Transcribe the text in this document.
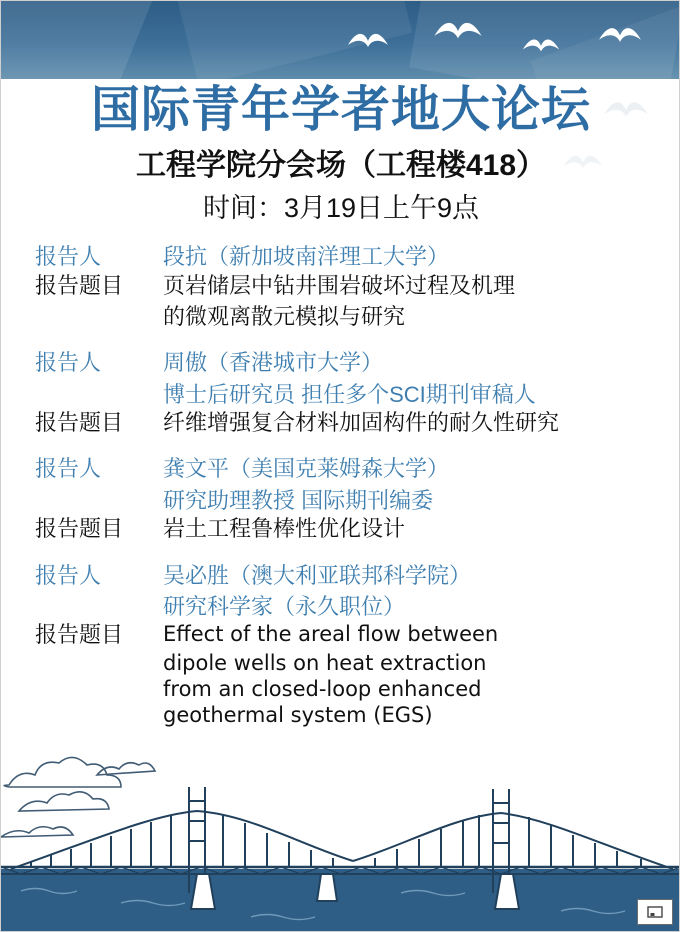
国际青年学者地大论坛
工程学院分会场（工程楼418）
时间：3月19日上午9点
报告人	段抗（新加坡南洋理工大学）
报告题目	页岩储层中钻井围岩破坏过程及机理
的微观离散元模拟与研究
报告人	周傲（香港城市大学）
博士后研究员 担任多个SCI期刊审稿人
报告题目	纤维增强复合材料加固构件的耐久性研究
报告人	龚文平（美国克莱姆森大学）
研究助理教授 国际期刊编委
报告题目	岩土工程鲁棒性优化设计
报告人	吴必胜（澳大利亚联邦科学院）
研究科学家（永久职位）
报告题目	Effect of the areal flow between
dipole wells on heat extraction
from an closed-loop enhanced
geothermal system (EGS)
